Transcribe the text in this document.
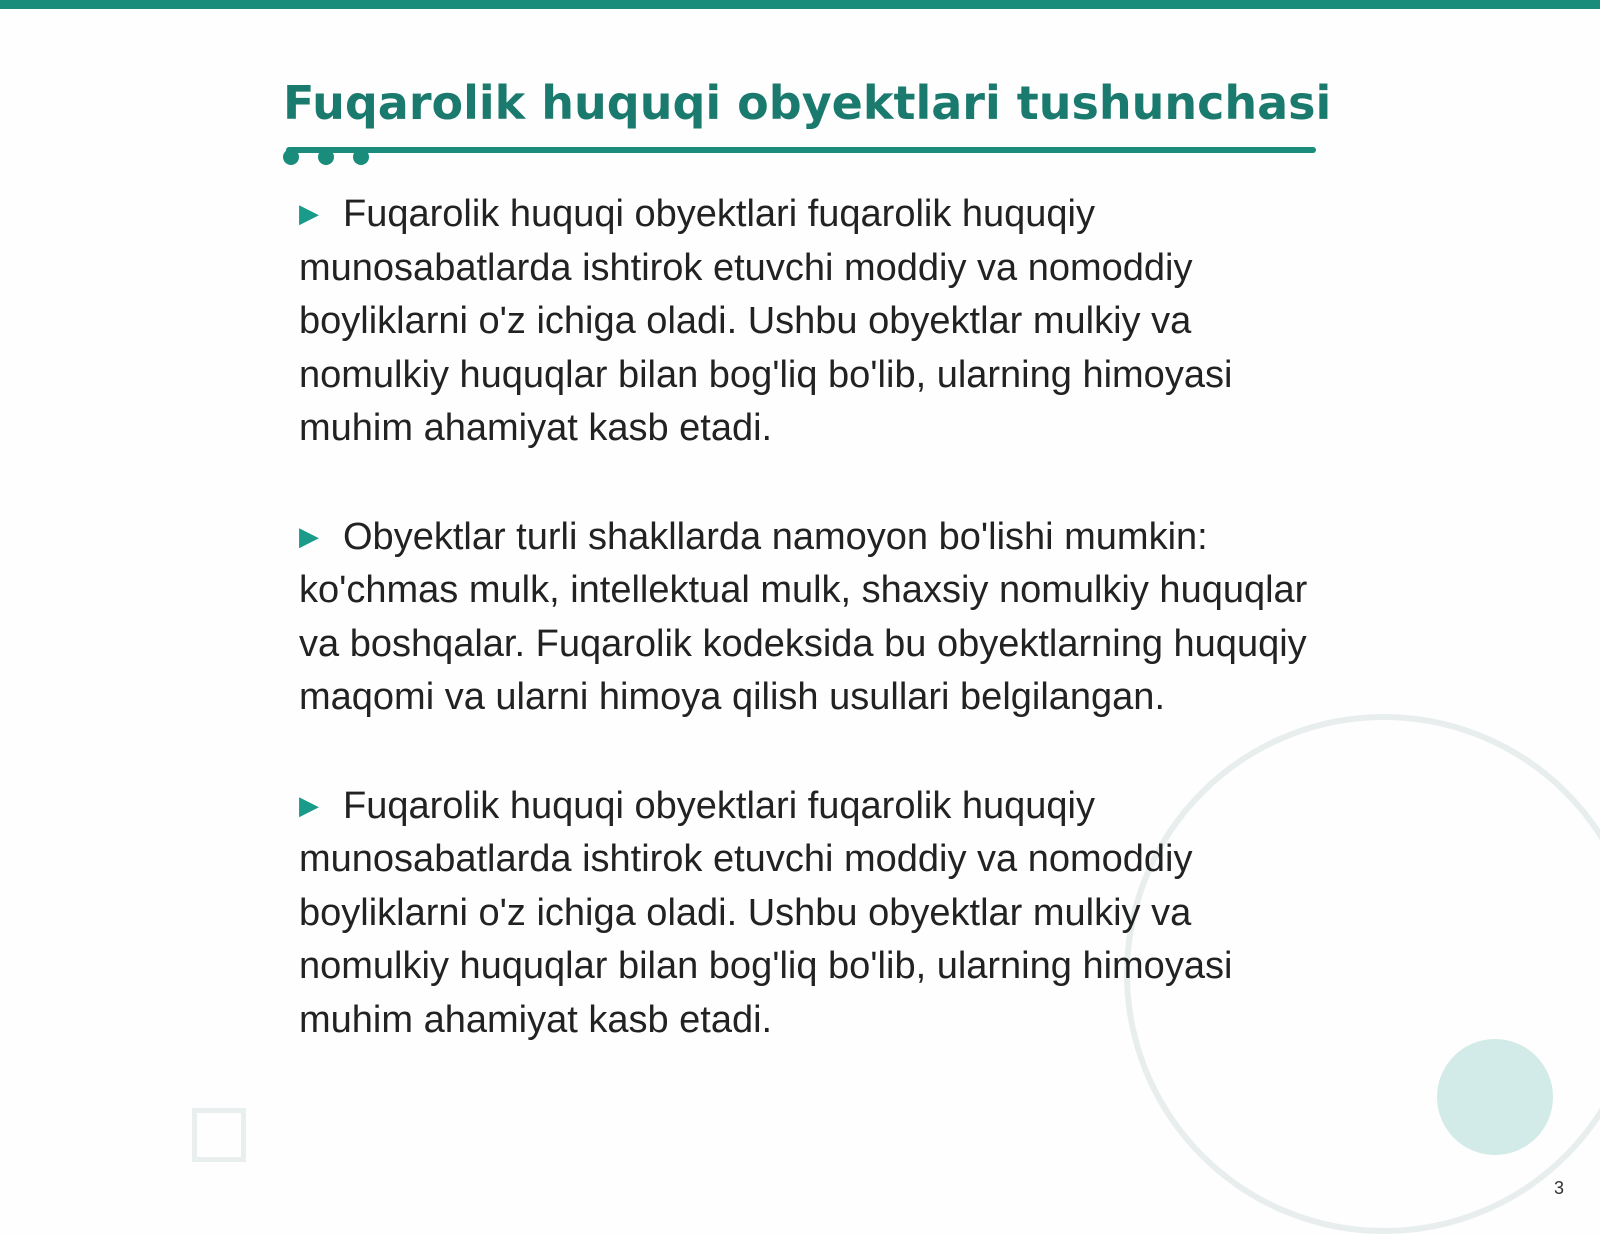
Fuqarolik huquqi obyektlari tushunchasi

▶ Fuqarolik huquqi obyektlari fuqarolik huquqiy munosabatlarda ishtirok etuvchi moddiy va nomoddiy boyliklarni o'z ichiga oladi. Ushbu obyektlar mulkiy va nomulkiy huquqlar bilan bog'liq bo'lib, ularning himoyasi muhim ahamiyat kasb etadi.

▶ Obyektlar turli shakllarda namoyon bo'lishi mumkin: ko'chmas mulk, intellektual mulk, shaxsiy nomulkiy huquqlar va boshqalar. Fuqarolik kodeksida bu obyektlarning huquqiy maqomi va ularni himoya qilish usullari belgilangan.

▶ Fuqarolik huquqi obyektlari fuqarolik huquqiy munosabatlarda ishtirok etuvchi moddiy va nomoddiy boyliklarni o'z ichiga oladi. Ushbu obyektlar mulkiy va nomulkiy huquqlar bilan bog'liq bo'lib, ularning himoyasi muhim ahamiyat kasb etadi.

3
